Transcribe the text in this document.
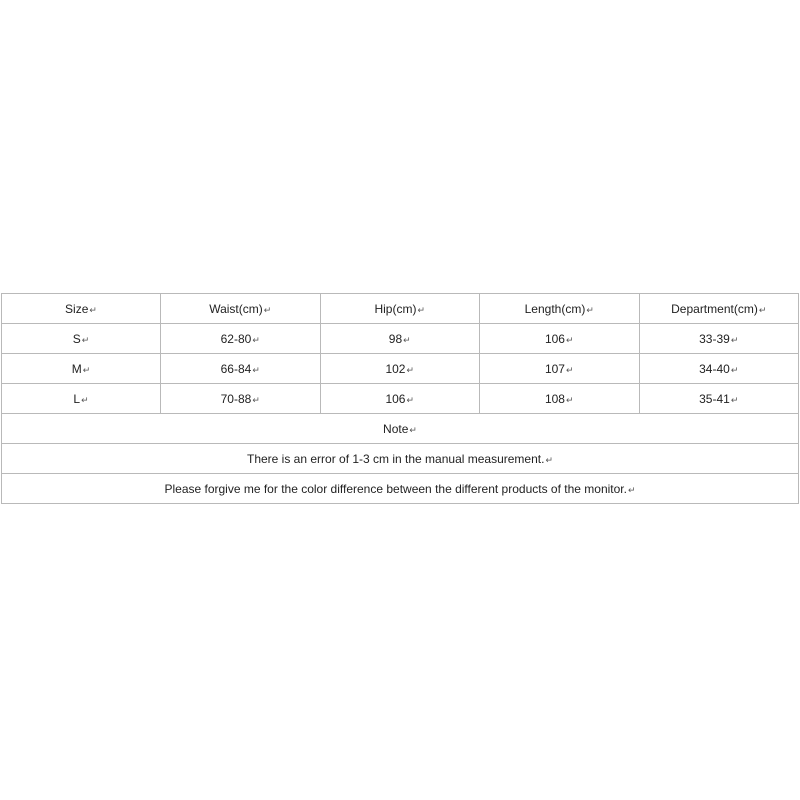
Size↵	Waist(cm)↵	Hip(cm)↵	Length(cm)↵	Department(cm)↵
S↵	62-80↵	98↵	106↵	33-39↵
M↵	66-84↵	102↵	107↵	34-40↵
L↵	70-88↵	106↵	108↵	35-41↵
Note↵				
There is an error of 1-3 cm in the manual measurement.↵				
Please forgive me for the color difference between the different products of the monitor.↵				
